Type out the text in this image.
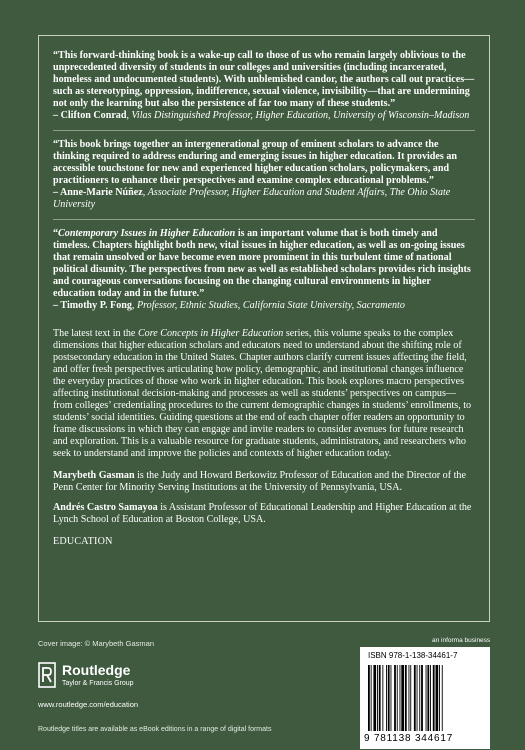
“This forward-thinking book is a wake-up call to those of us who remain largely oblivious to the unprecedented diversity of students in our colleges and universities (including incarcerated, homeless and undocumented students). With unblemished candor, the authors call out practices—such as stereotyping, oppression, indifference, sexual violence, invisibility—that are undermining not only the learning but also the persistence of far too many of these students.”
– Clifton Conrad, Vilas Distinguished Professor, Higher Education, University of Wisconsin–Madison
“This book brings together an intergenerational group of eminent scholars to advance the thinking required to address enduring and emerging issues in higher education. It provides an accessible touchstone for new and experienced higher education scholars, policymakers, and practitioners to enhance their perspectives and examine complex educational problems.”
– Anne-Marie Núñez, Associate Professor, Higher Education and Student Affairs, The Ohio State University
“Contemporary Issues in Higher Education is an important volume that is both timely and timeless. Chapters highlight both new, vital issues in higher education, as well as on-going issues that remain unsolved or have become even more prominent in this turbulent time of national political disunity. The perspectives from new as well as established scholars provides rich insights and courageous conversations focusing on the changing cultural environments in higher education today and in the future.”
– Timothy P. Fong, Professor, Ethnic Studies, California State University, Sacramento
The latest text in the Core Concepts in Higher Education series, this volume speaks to the complex dimensions that higher education scholars and educators need to understand about the shifting role of postsecondary education in the United States. Chapter authors clarify current issues affecting the field, and offer fresh perspectives articulating how policy, demographic, and institutional changes influence the everyday practices of those who work in higher education. This book explores macro perspectives affecting institutional decision-making and processes as well as students’ perspectives on campus—from colleges’ credentialing procedures to the current demographic changes in students’ enrollments, to students’ social identities. Guiding questions at the end of each chapter offer readers an opportunity to frame discussions in which they can engage and invite readers to consider avenues for future research and exploration. This is a valuable resource for graduate students, administrators, and researchers who seek to understand and improve the policies and contexts of higher education today.
Marybeth Gasman is the Judy and Howard Berkowitz Professor of Education and the Director of the Penn Center for Minority Serving Institutions at the University of Pennsylvania, USA.
Andrés Castro Samayoa is Assistant Professor of Educational Leadership and Higher Education at the Lynch School of Education at Boston College, USA.
EDUCATION
Cover image: © Marybeth Gasman
Routledge
Taylor & Francis Group
www.routledge.com/education
Routledge titles are available as eBook editions in a range of digital formats
an informa business
ISBN 978-1-138-34461-7
9 781138 344617
